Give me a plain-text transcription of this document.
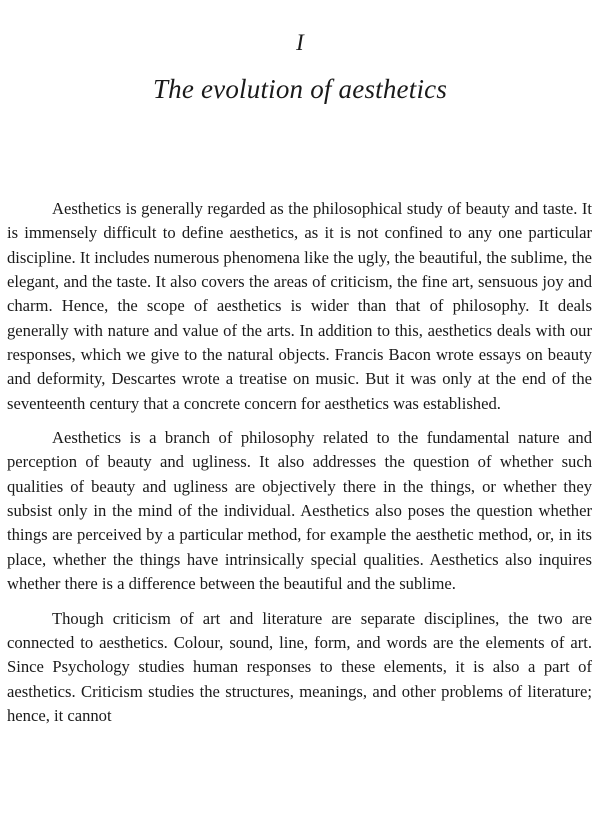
I
The evolution of aesthetics

Aesthetics is generally regarded as the philosophical study of beauty and taste. It is immensely difficult to define aesthetics, as it is not confined to any one particular discipline. It includes numerous phenomena like the ugly, the beautiful, the sublime, the elegant, and the taste. It also covers the areas of criticism, the fine art, sensuous joy and charm. Hence, the scope of aesthetics is wider than that of philosophy. It deals generally with nature and value of the arts. In addition to this, aesthetics deals with our responses, which we give to the natural objects. Francis Bacon wrote essays on beauty and deformity, Descartes wrote a treatise on music. But it was only at the end of the seventeenth century that a concrete concern for aesthetics was established.

Aesthetics is a branch of philosophy related to the fundamental nature and perception of beauty and ugliness. It also addresses the question of whether such qualities of beauty and ugliness are objectively there in the things, or whether they subsist only in the mind of the individual. Aesthetics also poses the question whether things are perceived by a particular method, for example the aesthetic method, or, in its place, whether the things have intrinsically special qualities. Aesthetics also inquires whether there is a difference between the beautiful and the sublime.

Though criticism of art and literature are separate disciplines, the two are connected to aesthetics. Colour, sound, line, form, and words are the elements of art. Since Psychology studies human responses to these elements, it is also a part of aesthetics. Criticism studies the structures, meanings, and other problems of literature; hence, it cannot
